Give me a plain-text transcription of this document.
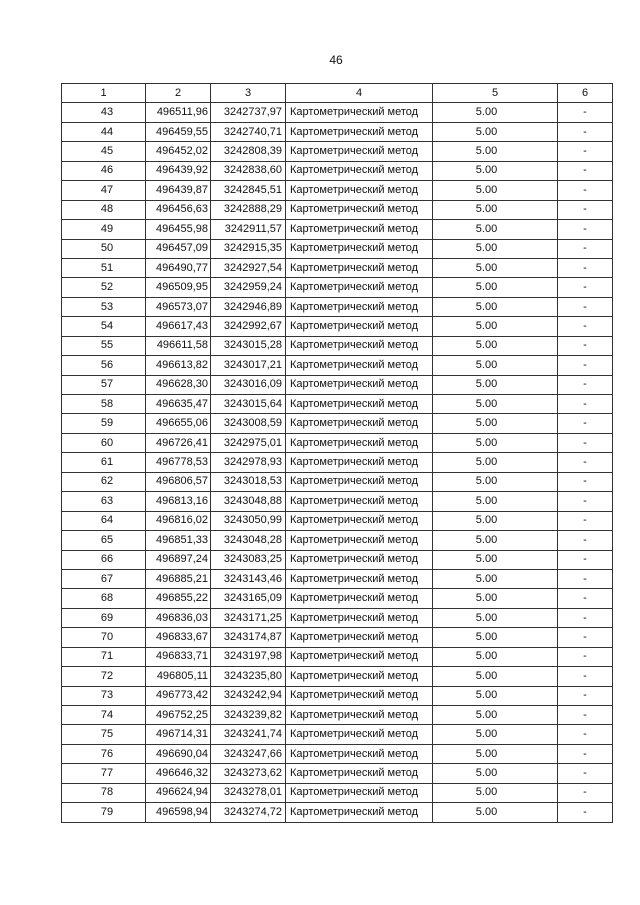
46
1	2	3	4	5	6
43	496511,96	3242737,97	Картометрический метод	5.00	-
44	496459,55	3242740,71	Картометрический метод	5.00	-
45	496452,02	3242808,39	Картометрический метод	5.00	-
46	496439,92	3242838,60	Картометрический метод	5.00	-
47	496439,87	3242845,51	Картометрический метод	5.00	-
48	496456,63	3242888,29	Картометрический метод	5.00	-
49	496455,98	3242911,57	Картометрический метод	5.00	-
50	496457,09	3242915,35	Картометрический метод	5.00	-
51	496490,77	3242927,54	Картометрический метод	5.00	-
52	496509,95	3242959,24	Картометрический метод	5.00	-
53	496573,07	3242946,89	Картометрический метод	5.00	-
54	496617,43	3242992,67	Картометрический метод	5.00	-
55	496611,58	3243015,28	Картометрический метод	5.00	-
56	496613,82	3243017,21	Картометрический метод	5.00	-
57	496628,30	3243016,09	Картометрический метод	5.00	-
58	496635,47	3243015,64	Картометрический метод	5.00	-
59	496655,06	3243008,59	Картометрический метод	5.00	-
60	496726,41	3242975,01	Картометрический метод	5.00	-
61	496778,53	3242978,93	Картометрический метод	5.00	-
62	496806,57	3243018,53	Картометрический метод	5.00	-
63	496813,16	3243048,88	Картометрический метод	5.00	-
64	496816,02	3243050,99	Картометрический метод	5.00	-
65	496851,33	3243048,28	Картометрический метод	5.00	-
66	496897,24	3243083,25	Картометрический метод	5.00	-
67	496885,21	3243143,46	Картометрический метод	5.00	-
68	496855,22	3243165,09	Картометрический метод	5.00	-
69	496836,03	3243171,25	Картометрический метод	5.00	-
70	496833,67	3243174,87	Картометрический метод	5.00	-
71	496833,71	3243197,98	Картометрический метод	5.00	-
72	496805,11	3243235,80	Картометрический метод	5.00	-
73	496773,42	3243242,94	Картометрический метод	5.00	-
74	496752,25	3243239,82	Картометрический метод	5.00	-
75	496714,31	3243241,74	Картометрический метод	5.00	-
76	496690,04	3243247,66	Картометрический метод	5.00	-
77	496646,32	3243273,62	Картометрический метод	5.00	-
78	496624,94	3243278,01	Картометрический метод	5.00	-
79	496598,94	3243274,72	Картометрический метод	5.00	-
